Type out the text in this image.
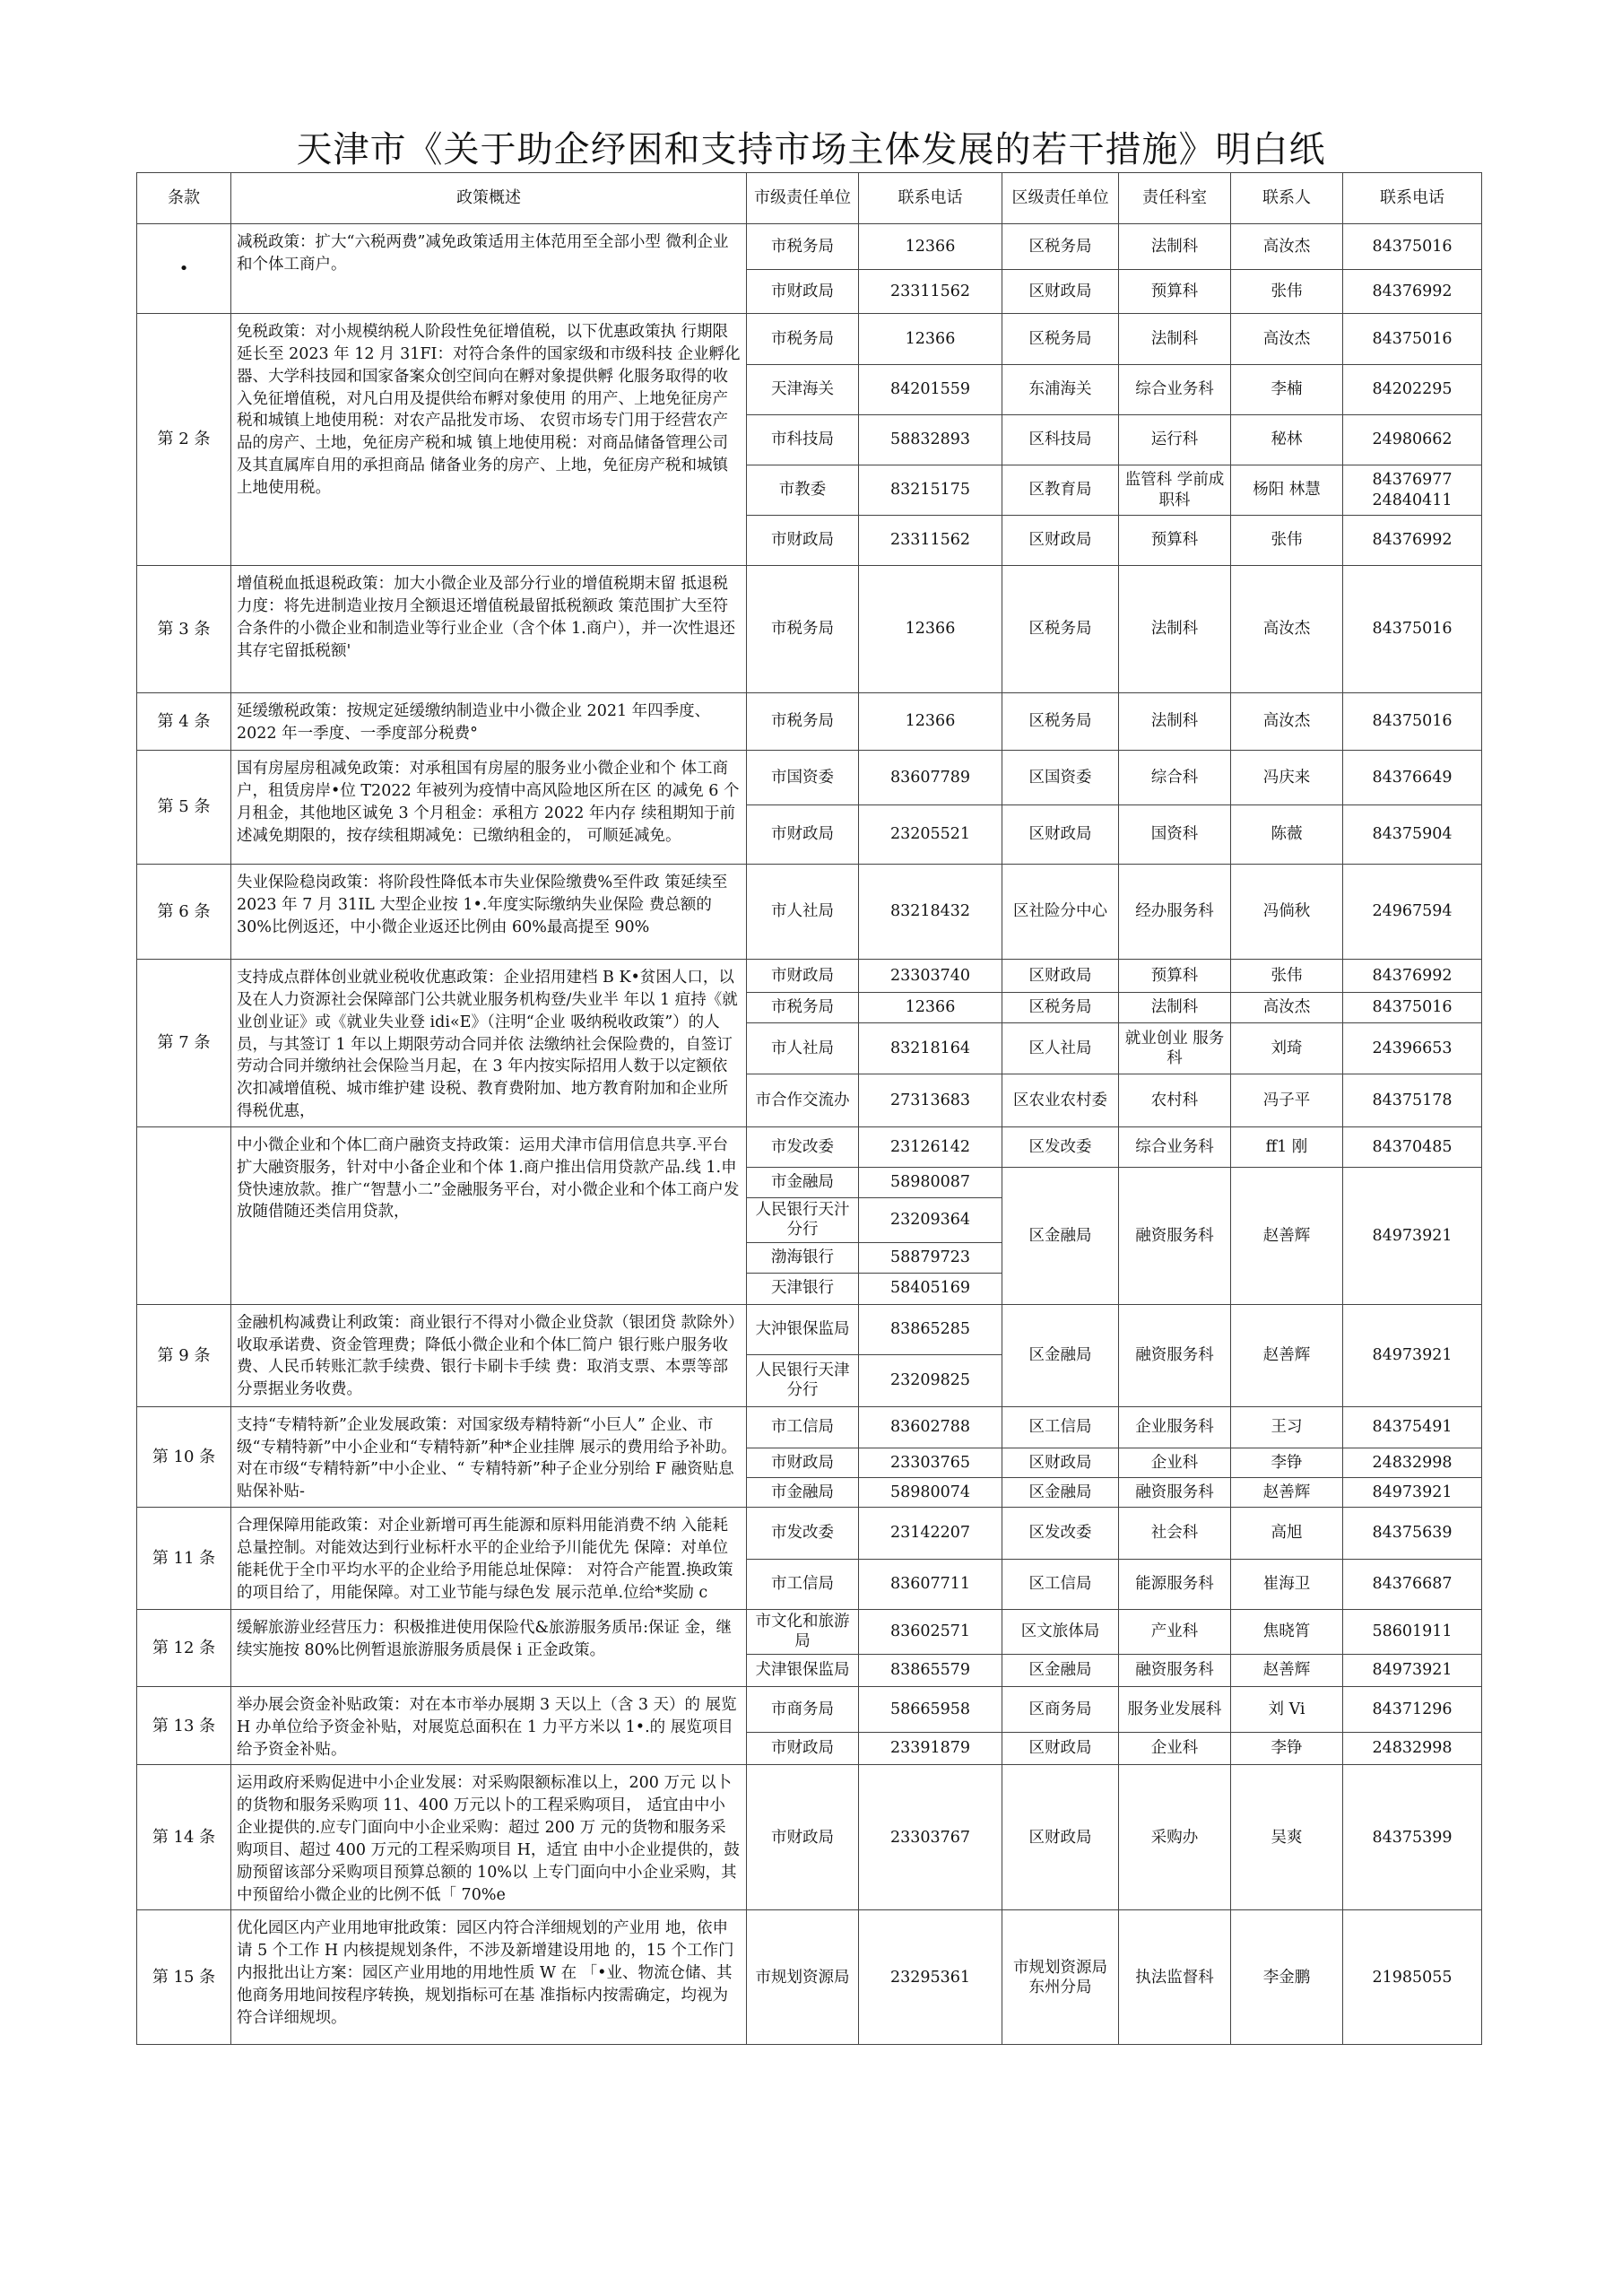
天津市《关于助企纾困和支持市场主体发展的若干措施》明白纸
条款	政策概述	市级责任单位	联系电话	区级责任单位	责任科室	联系人	联系电话
•	减税政策：扩大“六税两费”减免政策适用主体范用至全部小型 微利企业和个体工商户。	市税务局	12366	区税务局	法制科	高汝杰	84375016
		市财政局	23311562	区财政局	预算科	张伟	84376992
第 2 条	免税政策：对小规模纳税人阶段性免征增值税，以下优惠政策执 行期限延长至 2023 年 12 月 31FI：对符合条件的国家级和市级科技 企业孵化器、大学科技园和国家备案众创空间向在孵对象提供孵 化服务取得的收入免征增值税，对凡白用及提供给布孵对象使用 的用产、上地免征房产税和城镇上地使用税：对农产品批发市场、 农贸市场专门用于经营农产品的房产、土地，免征房产税和城 镇上地使用税：对商品储备管理公司及其直属库自用的承担商品 储备业务的房产、上地，免征房产税和城镇上地使用税。	市税务局	12366	区税务局	法制科	高汝杰	84375016
		天津海关	84201559	东浦海关	综合业务科	李楠	84202295
		市科技局	58832893	区科技局	运行科	秘林	24980662
		市教委	83215175	区教育局	监管科 学前成职科	杨阳 林慧	84376977 24840411
		市财政局	23311562	区财政局	预算科	张伟	84376992
第 3 条	增值税血抵退税政策：加大小微企业及部分行业的增值税期末留 抵退税力度：将先进制造业按月全额退还增值税最留抵税额政 策范围扩大至符合条件的小微企业和制造业等行业企业（含个体 1.商户），并一次性退还其存宅留抵税额'	市税务局	12366	区税务局	法制科	高汝杰	84375016
第 4 条	延缓缴税政策：按规定延缓缴纳制造业中小微企业 2021 年四季度、 2022 年一季度、一季度部分税费°	市税务局	12366	区税务局	法制科	高汝杰	84375016
第 5 条	国有房屋房租减免政策：对承租国有房屋的服务业小微企业和个 体工商户，租赁房岸•位 T2022 年被列为疫情中高风险地区所在区 的减免 6 个月租金，其他地区诚免 3 个月租金：承租方 2022 年内存 续租期知于前述减免期限的，按存续租期减免：已缴纳租金的， 可顺延减免。	市国资委	83607789	区国资委	综合科	冯庆来	84376649
		市财政局	23205521	区财政局	国资科	陈薇	84375904
第 6 条	失业保险稳岗政策：将阶段性降低本市失业保险缴费%至件政 策延续至 2023 年 7 月 31IL 大型企业按 1•.年度实际缴纳失业保险 费总额的 30%比例返还，中小微企业返还比例由 60%最高提至 90%	市人社局	83218432	区社险分中心	经办服务科	冯倘秋	24967594
第 7 条	支持成点群体创业就业税收优惠政策：企业招用建档 B K•贫困人口，以及在人力资源社会保障部门公共就业服务机构登/失业半 年以 1 疽持《就业创业证》或《就业失业登 idi«E》（注明“企业 吸纳税收政策”）的人员，与其签订 1 年以上期限劳动合同并依 法缴纳社会保险费的，自签订劳动合同并缴纳社会保险当月起，在 3 年内按实际招用人数于以定额依次扣减增值税、城市维护建 设税、教育费附加、地方教育附加和企业所得税优惠，	市财政局	23303740	区财政局	预算科	张伟	84376992
		市税务局	12366	区税务局	法制科	高汝杰	84375016
		市人社局	83218164	区人社局	就业创业 服务科	刘琦	24396653
		市合作交流办	27313683	区农业农村委	农村科	冯子平	84375178
	中小微企业和个体匚商户融资支持政策：运用犬津市信用信息共享.平台扩大融资服务，针对中小备企业和个体 1.商户推出信用贷款产品.线 1.申贷快速放款。推广“智慧小二”金融服务平台，对小微企业和个体工商户发放随借随还类信用贷款，	市发改委	23126142	区发改委	综合业务科	ff1 刚	84370485
		市金融局	58980087	区金融局	融资服务科	赵善辉	84973921
		人民银行天汁分行	23209364				
		渤海银行	58879723				
		天津银行	58405169				
第 9 条	金融机构减费让利政策：商业银行不得对小微企业贷款（银团贷 款除外）收取承诺费、资金管理费；降低小微企业和个体匚简户 银行账户服务收费、人民币转账汇款手续费、银行卡刷卡手续 费：取消支票、本票等部分票据业务收费。	大沖银保监局	83865285	区金融局	融资服务科	赵善辉	84973921
		人民银行天津分行	23209825				
第 10 条	支持“专精特新”企业发展政策：对国家级寿精特新“小巨人” 企业、市级“专精特新”中小企业和“专精特新”种*企业挂牌 展示的费用给予补助。对在市级“专精特新”中小企业、“ 专精特新”种子企业分别给 F 融资贴息贴保补贴-	市工信局	83602788	区工信局	企业服务科	王习	84375491
		市财政局	23303765	区财政局	企业科	李铮	24832998
		市金融局	58980074	区金融局	融资服务科	赵善辉	84973921
第 11 条	合理保障用能政策：对企业新增可再生能源和原料用能消费不纳 入能耗总量控制。对能效达到行业标杆水平的企业给予川能优先 保障：对单位能耗优于全巾平均水平的企业给予用能总址保障： 对符合产能置.换政策的项目给了，用能保障。对工业节能与绿色发 展示范单.位给*奖励 c	市发改委	23142207	区发改委	社会科	高旭	84375639
		市工信局	83607711	区工信局	能源服务科	崔海卫	84376687
第 12 条	缓解旅游业经营压力：积极推进使用保险代&旅游服务质吊:保证 金，继续实施按 80%比例暂退旅游服务质晨保 i 正金政策。	市文化和旅游局	83602571	区文旅体局	产业科	焦晓筲	58601911
		犬津银保监局	83865579	区金融局	融资服务科	赵善辉	84973921
第 13 条	举办展会资金补贴政策：对在本市举办展期 3 天以上（含 3 天）的 展览 H 办单位给予资金补贴，对展览总面积在 1 力平方米以 1•.的 展览项目给予资金补贴。	市商务局	58665958	区商务局	服务业发展科	刘 Vi	84371296
		市财政局	23391879	区财政局	企业科	李铮	24832998
第 14 条	运用政府釆购促进中小企业发展：对采购限额标准以上，200 万元 以卜的货物和服务采购项 11、400 万元以卜的工程采购项目， 适宜由中小企业提供的.应专门面向中小企业采购：超过 200 万 元的货物和服务采购项目、超过 400 万元的工程采购项目 H，适宜 由中小企业提供的，鼓励预留该部分采购项目预算总额的 10%以 上专门面向中小企业采购，其中预留给小微企业的比例不低「 70%e	市财政局	23303767	区财政局	采购办	吴爽	84375399
第 15 条	优化园区内产业用地审批政策：园区内符合洋细规划的产业用 地，依申请 5 个工作 H 内核提规划条件，不涉及新增建设用地 的，15 个工作门内报批出让方案：园区产业用地的用地性质 W 在 「•业、物流仓储、其他商务用地间按程序转换，规划指标可在基 准指标内按需确定，均视为符合详细规坝。	市规划资源局	23295361	市规划资源局东州分局	执法监督科	李金鹏	21985055
